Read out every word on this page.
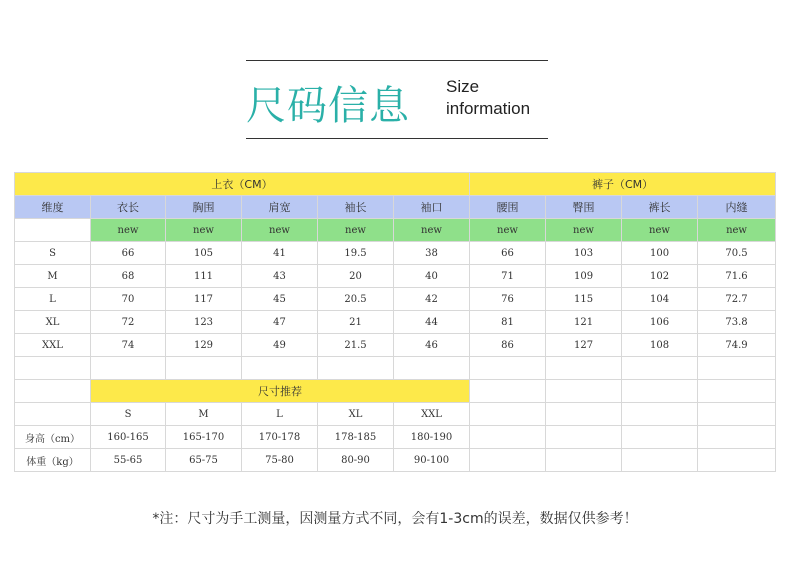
尺码信息 Size
information
上衣（CM）						裤子（CM）			
维度	衣长	胸围	肩宽	袖长	袖口	腰围	臀围	裤长	内缝
	new	new	new	new	new	new	new	new	new
S	66	105	41	19.5	38	66	103	100	70.5
M	68	111	43	20	40	71	109	102	71.6
L	70	117	45	20.5	42	76	115	104	72.7
XL	72	123	47	21	44	81	121	106	73.8
XXL	74	129	49	21.5	46	86	127	108	74.9

	尺寸推荐								
	S	M	L	XL	XXL				
身高（cm）	160-165	165-170	170-178	178-185	180-190				
体重（kg）	55-65	65-75	75-80	80-90	90-100				
*注：尺寸为手工测量，因测量方式不同，会有1-3cm的误差，数据仅供参考！
